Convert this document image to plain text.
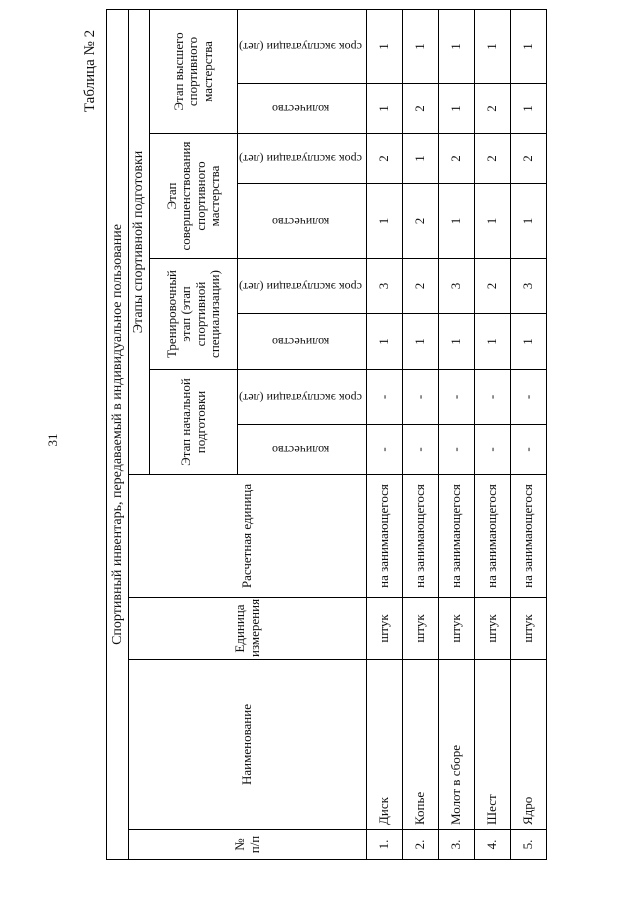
31
Таблица № 2
Спортивный инвентарь, передаваемый в индивидуальное пользование											
№ п/п	Наименование	Единица измерения	Расчетная единица	Этапы спортивной подготовки							
				Этап начальной подготовки		Тренировочный этап (этап спортивной специализации)		Этап совершенствования спортивного мастерства		Этап высшего спортивного мастерства	
				количество	срок эксплуатации (лет)	количество	срок эксплуатации (лет)	количество	срок эксплуатации (лет)	количество	срок эксплуатации (лет)
1.	Диск	штук	на занимающегося	-	-	1	3	1	2	1	1
2.	Копье	штук	на занимающегося	-	-	1	2	2	1	2	1
3.	Молот в сборе	штук	на занимающегося	-	-	1	3	1	2	1	1
4.	Шест	штук	на занимающегося	-	-	1	2	1	2	2	1
5.	Ядро	штук	на занимающегося	-	-	1	3	1	2	1	1
